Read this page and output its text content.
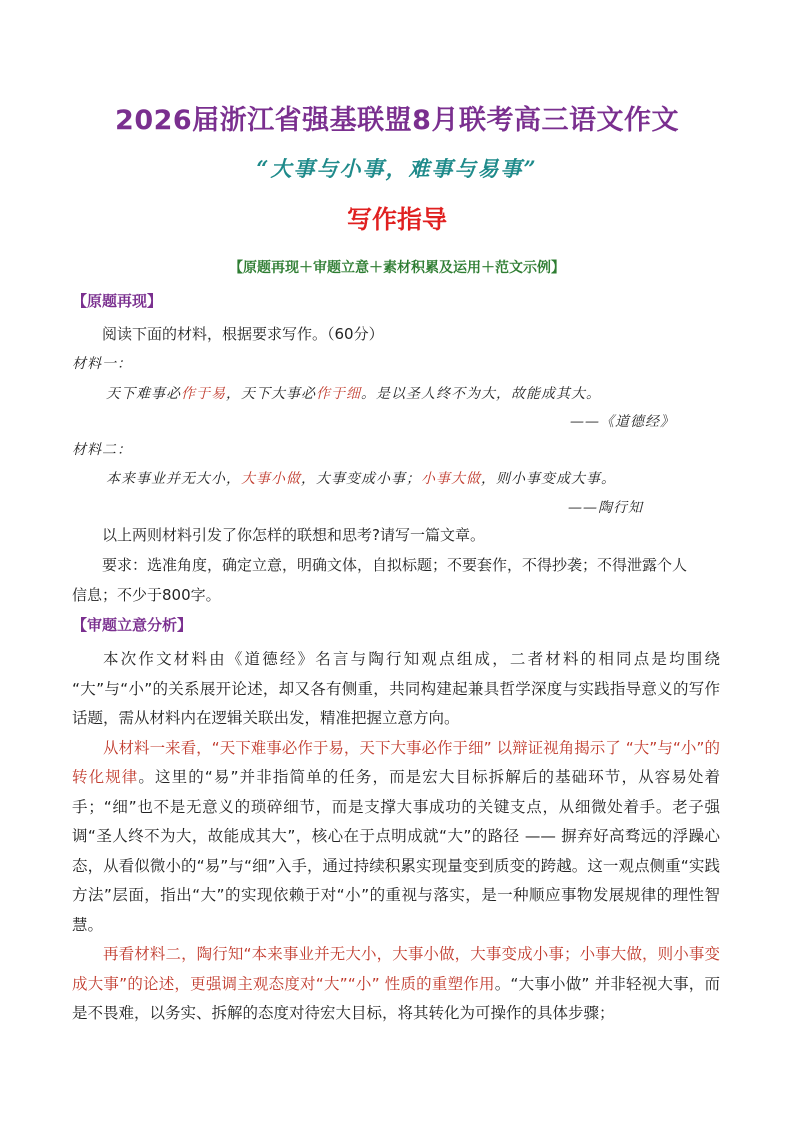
2026届浙江省强基联盟8月联考高三语文作文
“大事与小事，难事与易事”
写作指导
【原题再现＋审题立意＋素材积累及运用＋范文示例】
【原题再现】
阅读下面的材料，根据要求写作。（60分）
材料一：
天下难事必作于易，天下大事必作于细。是以圣人终不为大，故能成其大。
——《道德经》
材料二：
本来事业并无大小，大事小做，大事变成小事；小事大做，则小事变成大事。
——陶行知
以上两则材料引发了你怎样的联想和思考?请写一篇文章。
要求：选准角度，确定立意，明确文体，自拟标题；不要套作，不得抄袭；不得泄露个人
信息；不少于800字。
【审题立意分析】

本次作文材料由《道德经》名言与陶行知观点组成，二者材料的相同点是均围绕 “大”与“小”的关系展开论述，却又各有侧重，共同构建起兼具哲学深度与实践指导意义的写作话题，需从材料内在逻辑关联出发，精准把握立意方向。

从材料一来看，“天下难事必作于易，天下大事必作于细” 以辩证视角揭示了 “大”与“小”的转化规律。这里的“易”并非指简单的任务，而是宏大目标拆解后的基础环节，从容易处着手；“细”也不是无意义的琐碎细节，而是支撑大事成功的关键支点，从细微处着手。老子强调“圣人终不为大，故能成其大”，核心在于点明成就“大”的路径 —— 摒弃好高骛远的浮躁心态，从看似微小的“易”与“细”入手，通过持续积累实现量变到质变的跨越。这一观点侧重“实践方法”层面，指出“大”的实现依赖于对“小”的重视与落实，是一种顺应事物发展规律的理性智慧。

再看材料二，陶行知“本来事业并无大小，大事小做，大事变成小事；小事大做，则小事变成大事”的论述，更强调主观态度对“大”“小” 性质的重塑作用。“大事小做” 并非轻视大事，而是不畏难，以务实、拆解的态度对待宏大目标，将其转化为可操作的具体步骤；
